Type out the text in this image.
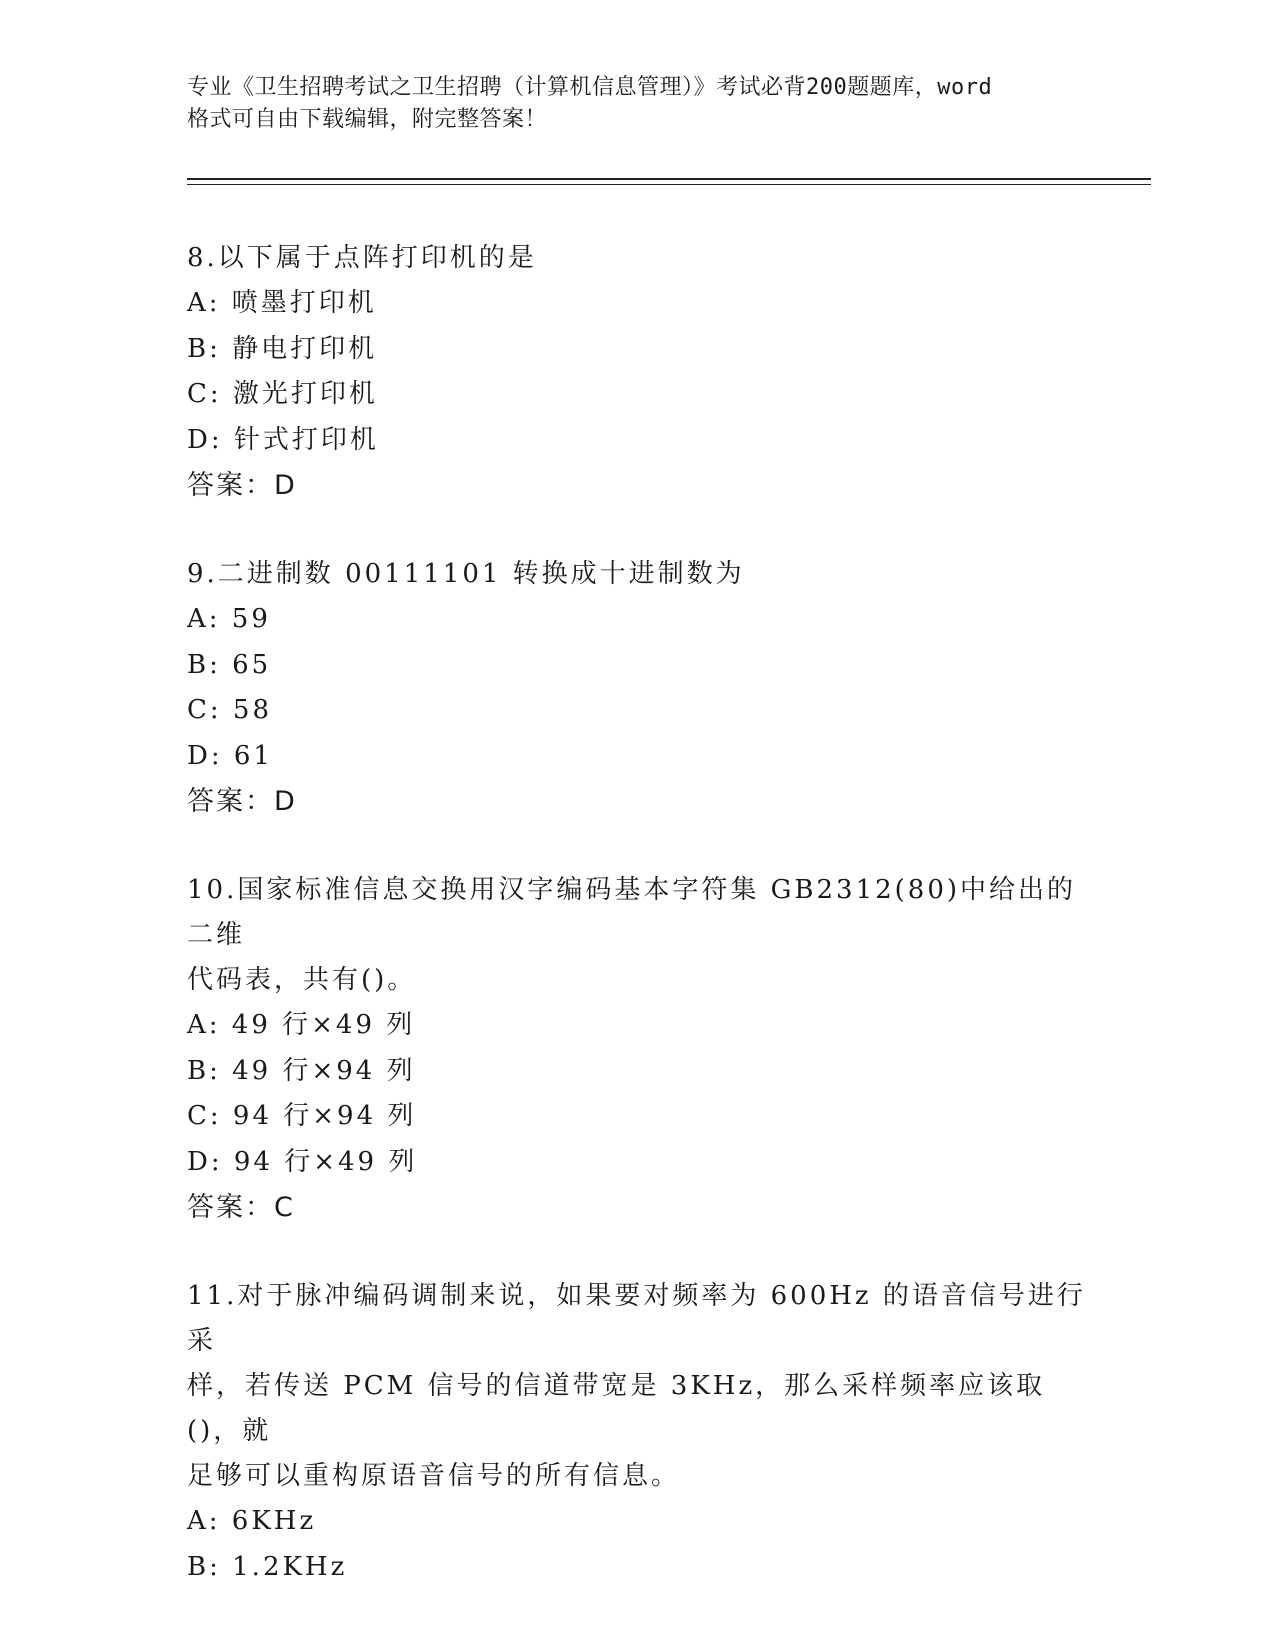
专业《卫生招聘考试之卫生招聘（计算机信息管理）》考试必背200题题库，word
格式可自由下载编辑，附完整答案！
8.以下属于点阵打印机的是
A: 喷墨打印机
B: 静电打印机
C: 激光打印机
D: 针式打印机
答案：D
9.二进制数 00111101 转换成十进制数为
A: 59
B: 65
C: 58
D: 61
答案：D
10.国家标准信息交换用汉字编码基本字符集 GB2312(80)中给出的二维
代码表，共有()。
A: 49 行×49 列
B: 49 行×94 列
C: 94 行×94 列
D: 94 行×49 列
答案：C
11.对于脉冲编码调制来说，如果要对频率为 600Hz 的语音信号进行采
样，若传送 PCM 信号的信道带宽是 3KHz，那么采样频率应该取()，就
足够可以重构原语音信号的所有信息。
A: 6KHz
B: 1.2KHz
